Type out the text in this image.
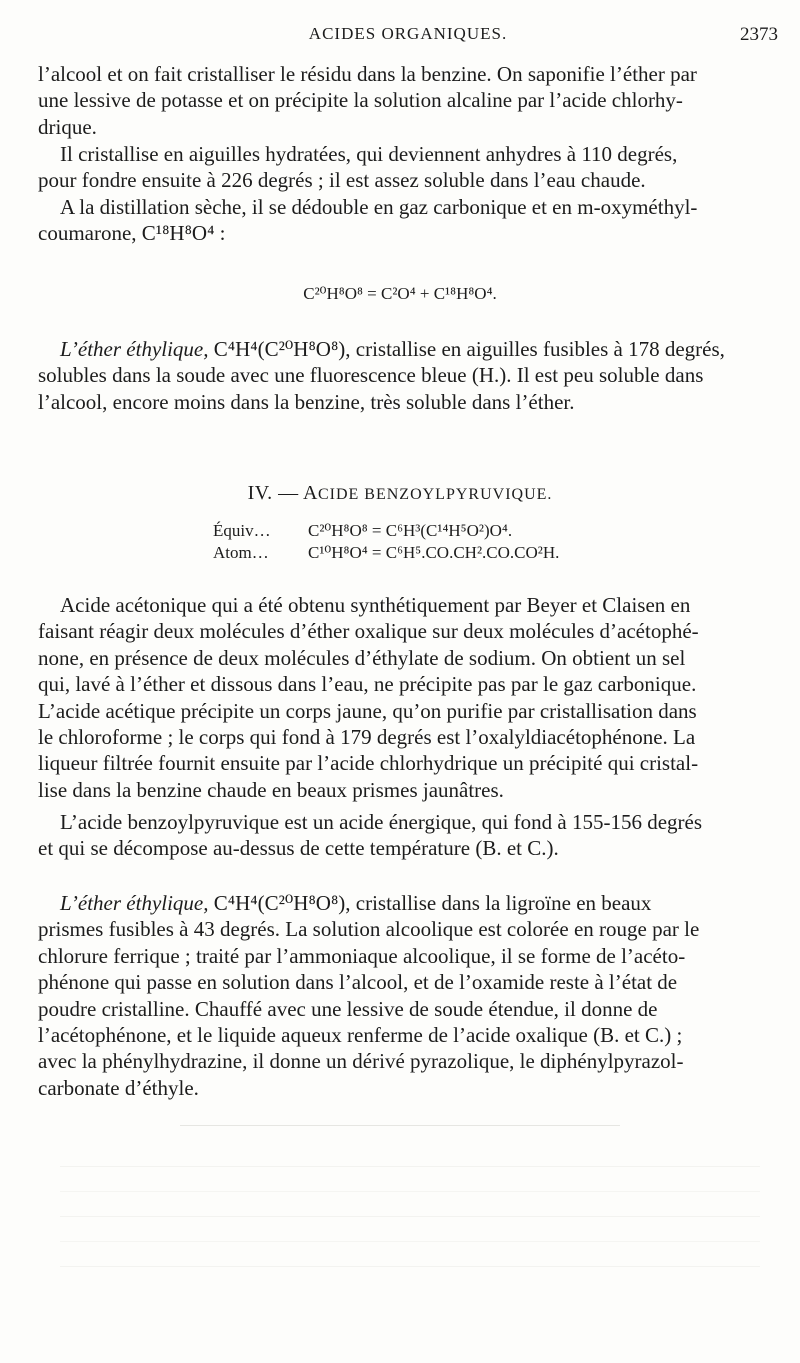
ACIDES ORGANIQUES.	2373
l’alcool et on fait cristalliser le résidu dans la benzine. On saponifie l’éther par
une lessive de potasse et on précipite la solution alcaline par l’acide chlorhy-
drique.
Il cristallise en aiguilles hydratées, qui deviennent anhydres à 110 degrés,
pour fondre ensuite à 226 degrés ; il est assez soluble dans l’eau chaude.
A la distillation sèche, il se dédouble en gaz carbonique et en m-oxyméthyl-
coumarone, C¹⁸H⁸O⁴ :
C²⁰H⁸O⁸ = C²O⁴ + C¹⁸H⁸O⁴.
L’éther éthylique, C⁴H⁴(C²⁰H⁸O⁸), cristallise en aiguilles fusibles à 178 degrés,
solubles dans la soude avec une fluorescence bleue (H.). Il est peu soluble dans
l’alcool, encore moins dans la benzine, très soluble dans l’éther.
IV. — ACIDE BENZOYLPYRUVIQUE.
Équiv… C²⁰H⁸O⁸ = C⁶H³(C¹⁴H⁵O²)O⁴.
Atom… C¹⁰H⁸O⁴ = C⁶H⁵.CO.CH².CO.CO²H.
Acide acétonique qui a été obtenu synthétiquement par Beyer et Claisen en
faisant réagir deux molécules d’éther oxalique sur deux molécules d’acétophé-
none, en présence de deux molécules d’éthylate de sodium. On obtient un sel
qui, lavé à l’éther et dissous dans l’eau, ne précipite pas par le gaz carbonique.
L’acide acétique précipite un corps jaune, qu’on purifie par cristallisation dans
le chloroforme ; le corps qui fond à 179 degrés est l’oxalyldiacétophénone. La
liqueur filtrée fournit ensuite par l’acide chlorhydrique un précipité qui cristal-
lise dans la benzine chaude en beaux prismes jaunâtres.
L’acide benzoylpyruvique est un acide énergique, qui fond à 155-156 degrés
et qui se décompose au-dessus de cette température (B. et C.).
L’éther éthylique, C⁴H⁴(C²⁰H⁸O⁸), cristallise dans la ligroïne en beaux
prismes fusibles à 43 degrés. La solution alcoolique est colorée en rouge par le
chlorure ferrique ; traité par l’ammoniaque alcoolique, il se forme de l’acéto-
phénone qui passe en solution dans l’alcool, et de l’oxamide reste à l’état de
poudre cristalline. Chauffé avec une lessive de soude étendue, il donne de
l’acétophénone, et le liquide aqueux renferme de l’acide oxalique (B. et C.) ;
avec la phénylhydrazine, il donne un dérivé pyrazolique, le diphénylpyrazol-
carbonate d’éthyle.
